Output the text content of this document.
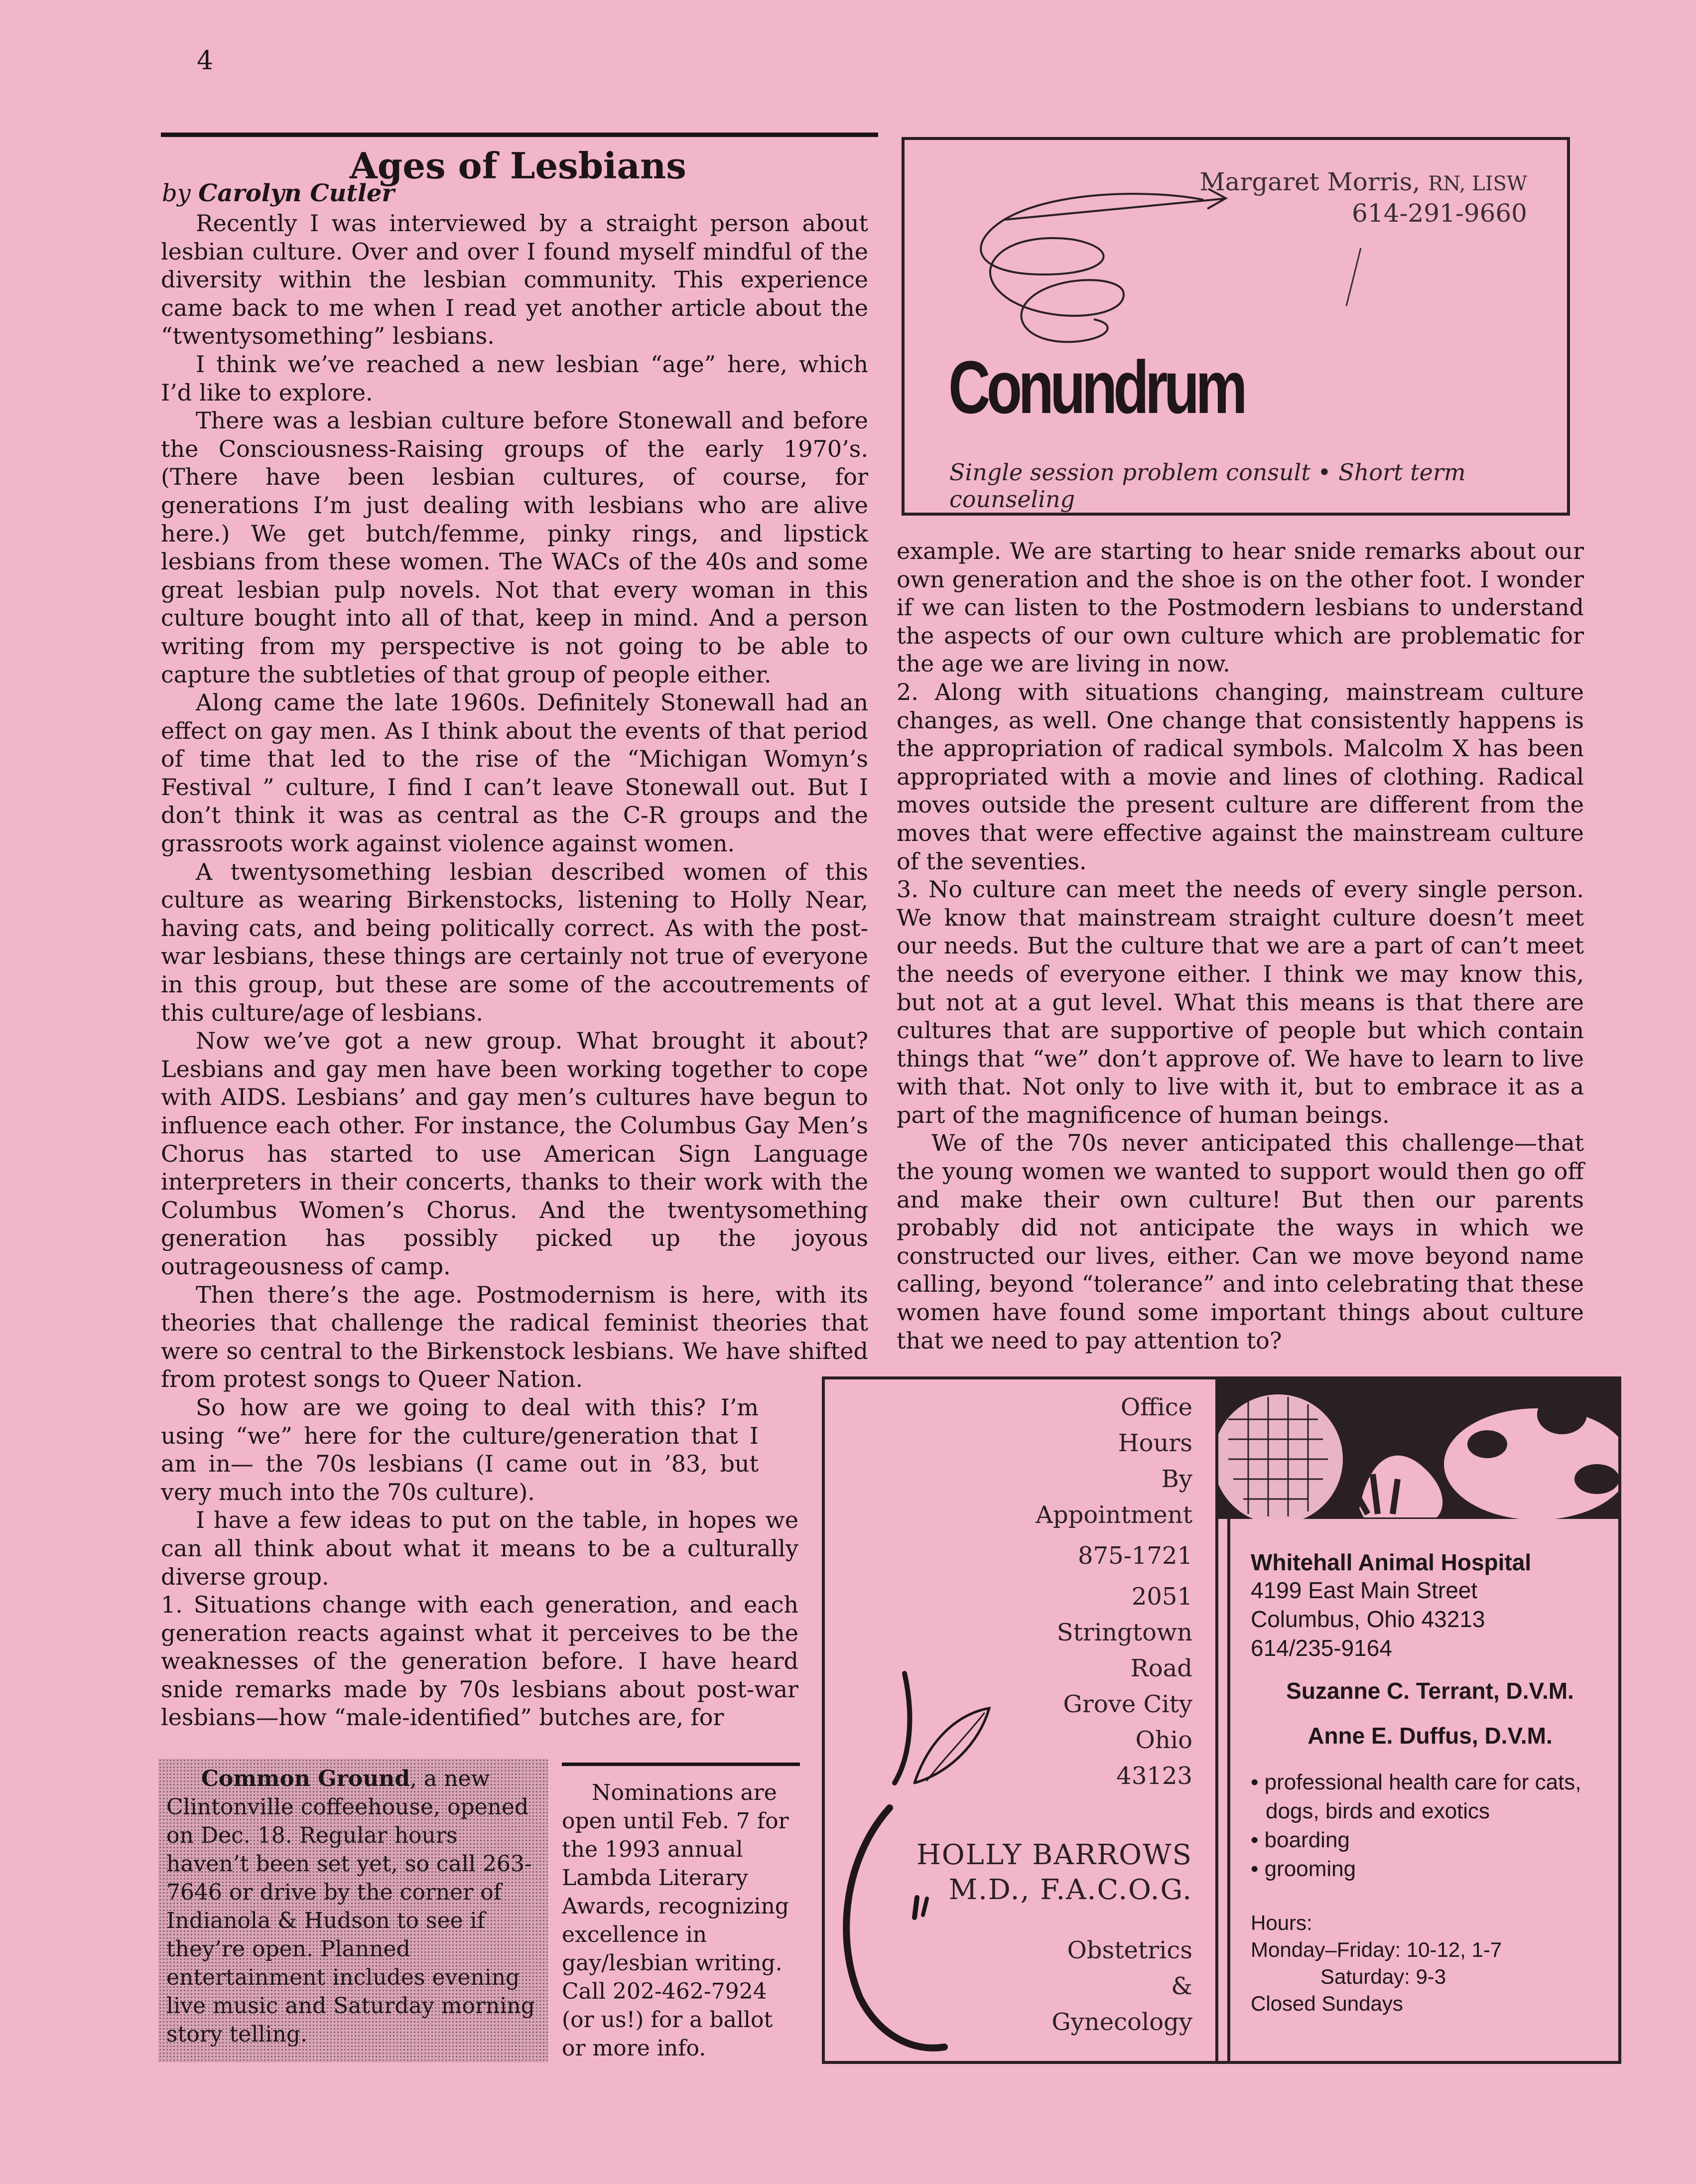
4
Ages of Lesbians
by Carolyn Cutler

Recently I was interviewed by a straight person about lesbian culture. Over and over I found myself mindful of the diversity within the lesbian community. This experience came back to me when I read yet another article about the “twentysomething” lesbians.

I think we’ve reached a new lesbian “age” here, which I’d like to explore.

There was a lesbian culture before Stonewall and before the Consciousness-Raising groups of the early 1970’s. (There have been lesbian cultures, of course, for generations I’m just dealing with lesbians who are alive here.) We get butch/femme, pinky rings, and lipstick lesbians from these women. The WACs of the 40s and some great lesbian pulp novels. Not that every woman in this culture bought into all of that, keep in mind. And a person writing from my perspective is not going to be able to capture the subtleties of that group of people either.

Along came the late 1960s. Definitely Stonewall had an effect on gay men. As I think about the events of that period of time that led to the rise of the “Michigan Womyn’s Festival ” culture, I find I can’t leave Stonewall out. But I don’t think it was as central as the C-R groups and the grassroots work against violence against women.

A twentysomething lesbian described women of this culture as wearing Birkenstocks, listening to Holly Near, having cats, and being politically correct. As with the post-war lesbians, these things are certainly not true of everyone in this group, but these are some of the accoutrements of this culture/age of lesbians.

Now we’ve got a new group. What brought it about? Lesbians and gay men have been working together to cope with AIDS. Lesbians’ and gay men’s cultures have begun to influence each other. For instance, the Columbus Gay Men’s Chorus has started to use American Sign Language interpreters in their concerts, thanks to their work with the Columbus Women’s Chorus. And the twentysomething generation has possibly picked up the joyous outrageousness of camp.

Then there’s the age. Postmodernism is here, with its theories that challenge the radical feminist theories that were so central to the Birkenstock lesbians. We have shifted from protest songs to Queer Nation.

So how are we going to deal with this? I’m using “we” here for the culture/generation that I am in— the 70s lesbians (I came out in ’83, but very much into the 70s culture).

I have a few ideas to put on the table, in hopes we can all think about what it means to be a culturally diverse group.

1. Situations change with each generation, and each generation reacts against what it perceives to be the weaknesses of the generation before. I have heard snide remarks made by 70s lesbians about post-war lesbians—how “male-identified” butches are, for

example. We are starting to hear snide remarks about our own generation and the shoe is on the other foot. I wonder if we can listen to the Postmodern lesbians to understand the aspects of our own culture which are problematic for the age we are living in now.

2. Along with situations changing, mainstream culture changes, as well. One change that consistently happens is the appropriation of radical symbols. Malcolm X has been appropriated with a movie and lines of clothing. Radical moves outside the present culture are different from the moves that were effective against the mainstream culture of the seventies.

3. No culture can meet the needs of every single person. We know that mainstream straight culture doesn’t meet our needs. But the culture that we are a part of can’t meet the needs of everyone either. I think we may know this, but not at a gut level. What this means is that there are cultures that are supportive of people but which contain things that “we” don’t approve of. We have to learn to live with that. Not only to live with it, but to embrace it as a part of the magnificence of human beings.

We of the 70s never anticipated this challenge—that the young women we wanted to support would then go off and make their own culture! But then our parents probably did not anticipate the ways in which we constructed our lives, either. Can we move beyond name calling, beyond “tolerance” and into celebrating that these women have found some important things about culture that we need to pay attention to?

Margaret Morris, RN, LISW
614-291-9660
Conundrum
Single session problem consult • Short term counseling
Office
Hours
By
Appointment
875-1721
2051
Stringtown
Road
Grove City
Ohio
43123
HOLLY BARROWS
M.D., F.A.C.O.G.
Obstetrics
&
Gynecology
Whitehall Animal Hospital
4199 East Main Street
Columbus, Ohio 43213
614/235-9164
Suzanne C. Terrant, D.V.M.
Anne E. Duffus, D.V.M.
• professional health care for cats, dogs, birds and exotics
• boarding
• grooming
Hours:
Monday–Friday: 10-12, 1-7
Saturday: 9-3
Closed Sundays

Common Ground, a new Clintonville coffeehouse, opened on Dec. 18. Regular hours haven’t been set yet, so call 263-7646 or drive by the corner of Indianola & Hudson to see if they’re open. Planned entertainment includes evening live music and Saturday morning story telling.

Nominations are open until Feb. 7 for the 1993 annual Lambda Literary Awards, recognizing excellence in gay/lesbian writing. Call 202-462-7924 (or us!) for a ballot or more info.
